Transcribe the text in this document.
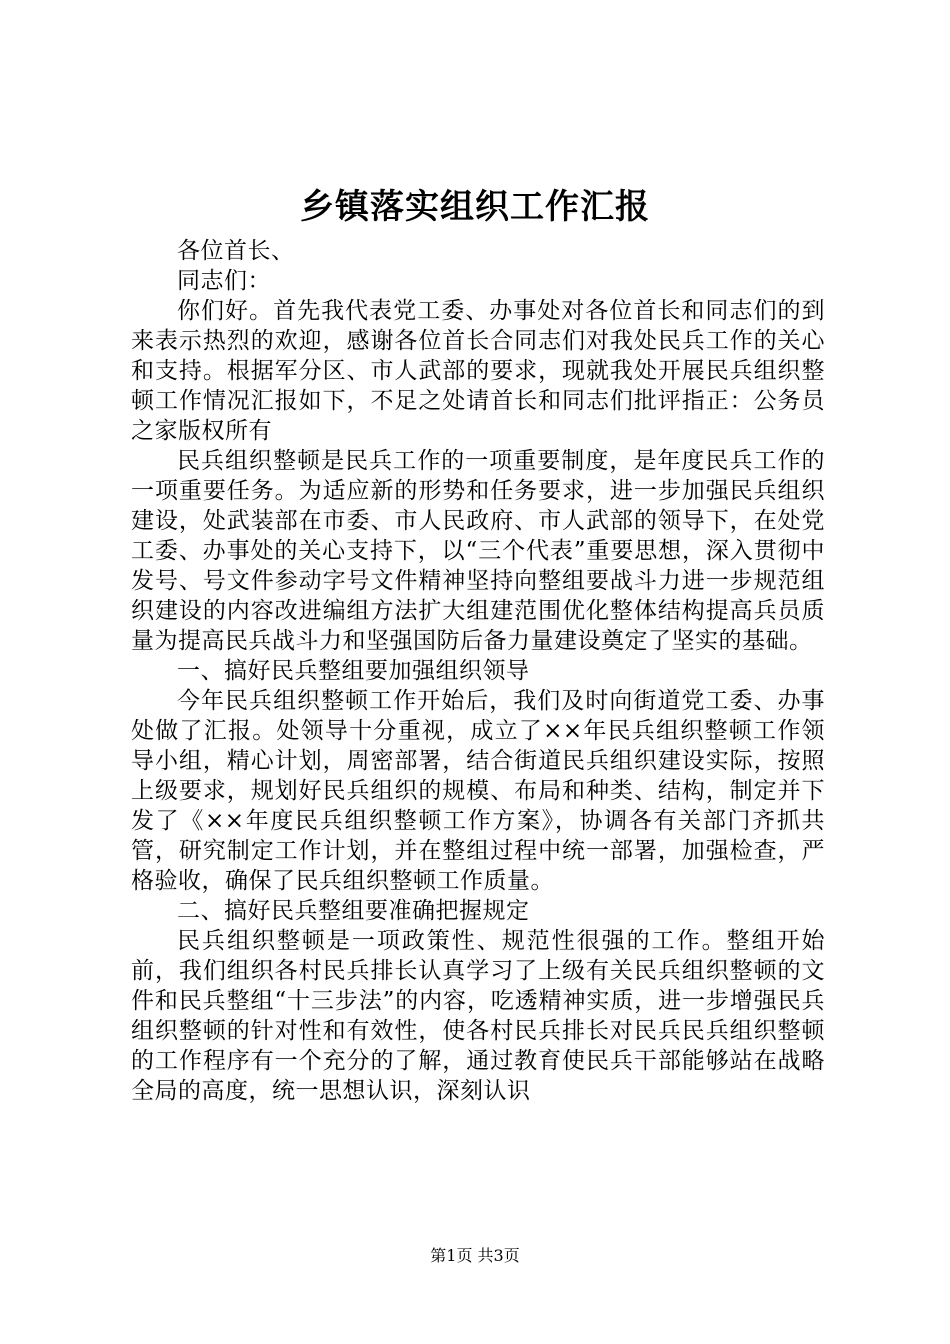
乡镇落实组织工作汇报

各位首长、

同志们：

你们好。首先我代表党工委、办事处对各位首长和同志们的到来表示热烈的欢迎，感谢各位首长合同志们对我处民兵工作的关心和支持。根据军分区、市人武部的要求，现就我处开展民兵组织整顿工作情况汇报如下，不足之处请首长和同志们批评指正：公务员之家版权所有

民兵组织整顿是民兵工作的一项重要制度，是年度民兵工作的一项重要任务。为适应新的形势和任务要求，进一步加强民兵组织建设，处武装部在市委、市人民政府、市人武部的领导下，在处党工委、办事处的关心支持下，以“三个代表”重要思想，深入贯彻中发号、号文件参动字号文件精神坚持向整组要战斗力进一步规范组织建设的内容改进编组方法扩大组建范围优化整体结构提高兵员质量为提高民兵战斗力和坚强国防后备力量建设奠定了坚实的基础。

一、搞好民兵整组要加强组织领导

今年民兵组织整顿工作开始后，我们及时向街道党工委、办事处做了汇报。处领导十分重视，成立了××年民兵组织整顿工作领导小组，精心计划，周密部署，结合街道民兵组织建设实际，按照上级要求，规划好民兵组织的规模、布局和种类、结构，制定并下发了《××年度民兵组织整顿工作方案》，协调各有关部门齐抓共管，研究制定工作计划，并在整组过程中统一部署，加强检查，严格验收，确保了民兵组织整顿工作质量。

二、搞好民兵整组要准确把握规定

民兵组织整顿是一项政策性、规范性很强的工作。整组开始前，我们组织各村民兵排长认真学习了上级有关民兵组织整顿的文件和民兵整组“十三步法”的内容，吃透精神实质，进一步增强民兵组织整顿的针对性和有效性，使各村民兵排长对民兵民兵组织整顿的工作程序有一个充分的了解，通过教育使民兵干部能够站在战略全局的高度，统一思想认识，深刻认识

第1页 共3页
